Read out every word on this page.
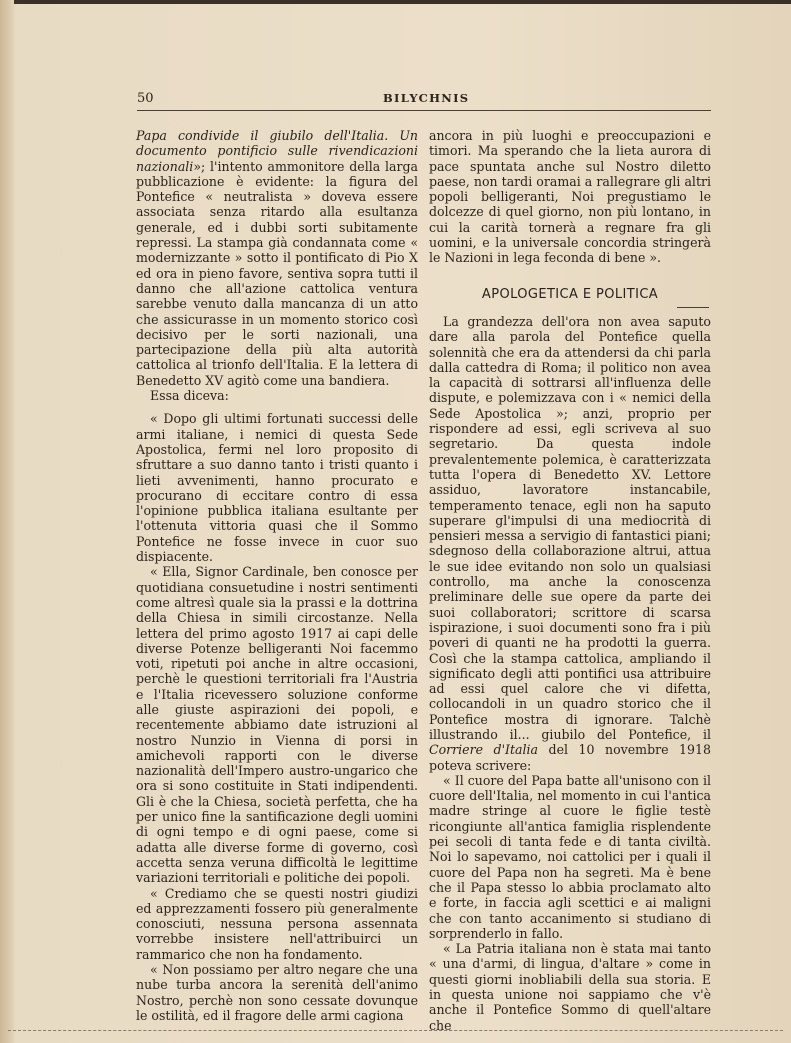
50	BILYCHNIS

Papa condivide il giubilo dell'Italia. Un documento pontificio sulle rivendicazioni nazionali»; l'intento ammonitore della larga pubblicazione è evidente: la figura del Pontefice « neutralista » doveva essere associata senza ritardo alla esultanza generale, ed i dubbi sorti subitamente repressi. La stampa già condannata come « modernizzante » sotto il pontificato di Pio X ed ora in pieno favore, sentiva sopra tutti il danno che all'azione cattolica ventura sarebbe venuto dalla mancanza di un atto che assicurasse in un momento storico così decisivo per le sorti nazionali, una partecipazione della più alta autorità cattolica al trionfo dell'Italia. E la lettera di Benedetto XV agitò come una bandiera.

Essa diceva:

« Dopo gli ultimi fortunati successi delle armi italiane, i nemici di questa Sede Apostolica, fermi nel loro proposito di sfruttare a suo danno tanto i tristi quanto i lieti avvenimenti, hanno procurato e procurano di eccitare contro di essa l'opinione pubblica italiana esultante per l'ottenuta vittoria quasi che il Sommo Pontefice ne fosse invece in cuor suo dispiacente.

« Ella, Signor Cardinale, ben conosce per quotidiana consuetudine i nostri sentimenti come altresì quale sia la prassi e la dottrina della Chiesa in simili circostanze. Nella lettera del primo agosto 1917 ai capi delle diverse Potenze belligeranti Noi facemmo voti, ripetuti poi anche in altre occasioni, perchè le questioni territoriali fra l'Austria e l'Italia ricevessero soluzione conforme alle giuste aspirazioni dei popoli, e recentemente abbiamo date istruzioni al nostro Nunzio in Vienna di porsi in amichevoli rapporti con le diverse nazionalità dell'Impero austro-ungarico che ora si sono costituite in Stati indipendenti. Gli è che la Chiesa, società perfetta, che ha per unico fine la santificazione degli uomini di ogni tempo e di ogni paese, come si adatta alle diverse forme di governo, così accetta senza veruna difficoltà le legittime variazioni territoriali e politiche dei popoli.

« Crediamo che se questi nostri giudizi ed apprezzamenti fossero più generalmente conosciuti, nessuna persona assennata vorrebbe insistere nell'attribuirci un rammarico che non ha fondamento.

« Non possiamo per altro negare che una nube turba ancora la serenità dell'animo Nostro, perchè non sono cessate dovunque le ostilità, ed il fragore delle armi cagiona

ancora in più luoghi e preoccupazioni e timori. Ma sperando che la lieta aurora di pace spuntata anche sul Nostro diletto paese, non tardi oramai a rallegrare gli altri popoli belligeranti, Noi pregustiamo le dolcezze di quel giorno, non più lontano, in cui la carità tornerà a regnare fra gli uomini, e la universale concordia stringerà le Nazioni in lega feconda di bene ».

APOLOGETICA E POLITICA

La grandezza dell'ora non avea saputo dare alla parola del Pontefice quella solennità che era da attendersi da chi parla dalla cattedra di Roma; il politico non avea la capacità di sottrarsi all'influenza delle dispute, e polemizzava con i « nemici della Sede Apostolica »; anzi, proprio per rispondere ad essi, egli scriveva al suo segretario. Da questa indole prevalentemente polemica, è caratterizzata tutta l'opera di Benedetto XV. Lettore assiduo, lavoratore instancabile, temperamento tenace, egli non ha saputo superare gl'impulsi di una mediocrità di pensieri messa a servigio di fantastici piani; sdegnoso della collaborazione altrui, attua le sue idee evitando non solo un qualsiasi controllo, ma anche la conoscenza preliminare delle sue opere da parte dei suoi collaboratori; scrittore di scarsa ispirazione, i suoi documenti sono fra i più poveri di quanti ne ha prodotti la guerra. Così che la stampa cattolica, ampliando il significato degli atti pontifici usa attribuire ad essi quel calore che vi difetta, collocandoli in un quadro storico che il Pontefice mostra di ignorare. Talchè illustrando il... giubilo del Pontefice, il Corriere d'Italia del 10 novembre 1918 poteva scrivere:

« Il cuore del Papa batte all'unisono con il cuore dell'Italia, nel momento in cui l'antica madre stringe al cuore le figlie testè ricongiunte all'antica famiglia risplendente pei secoli di tanta fede e di tanta civiltà. Noi lo sapevamo, noi cattolici per i quali il cuore del Papa non ha segreti. Ma è bene che il Papa stesso lo abbia proclamato alto e forte, in faccia agli scettici e ai maligni che con tanto accanimento si studiano di sorprenderlo in fallo.

« La Patria italiana non è stata mai tanto « una d'armi, di lingua, d'altare » come in questi giorni inobliabili della sua storia. E in questa unione noi sappiamo che v'è anche il Pontefice Sommo di quell'altare che
